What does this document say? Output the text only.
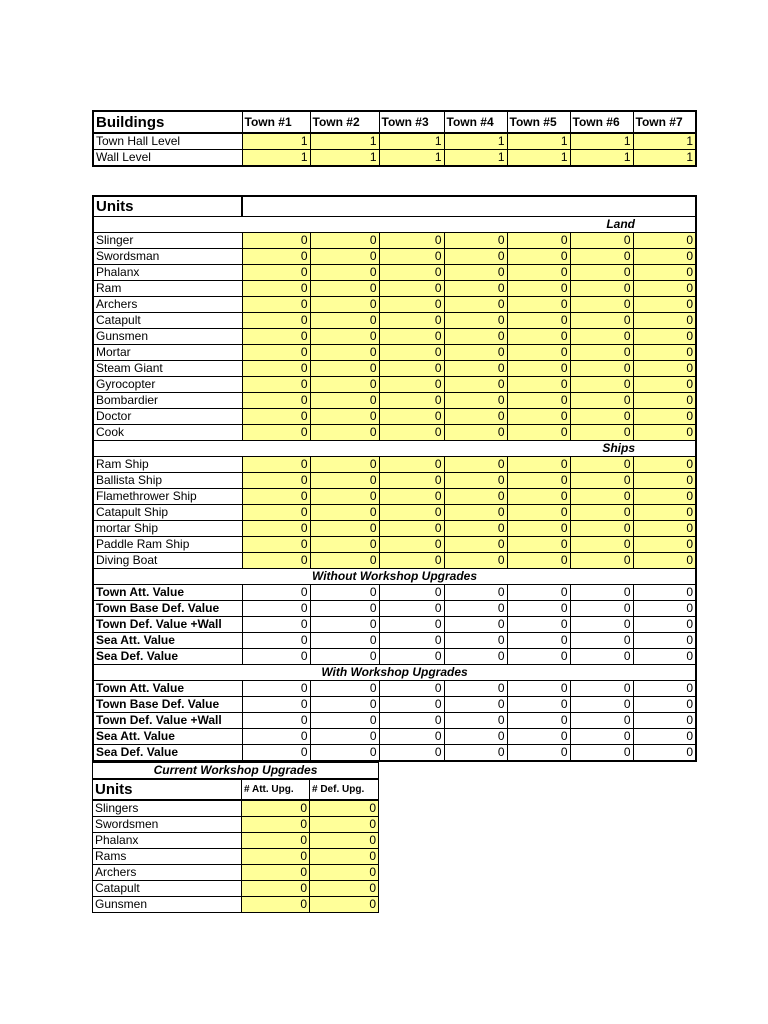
Buildings	Town #1	Town #2	Town #3	Town #4	Town #5	Town #6	Town #7
Town Hall Level	1	1	1	1	1	1	1
Wall Level	1	1	1	1	1	1	1
Units							
Land							
Slinger	0	0	0	0	0	0	0
Swordsman	0	0	0	0	0	0	0
Phalanx	0	0	0	0	0	0	0
Ram	0	0	0	0	0	0	0
Archers	0	0	0	0	0	0	0
Catapult	0	0	0	0	0	0	0
Gunsmen	0	0	0	0	0	0	0
Mortar	0	0	0	0	0	0	0
Steam Giant	0	0	0	0	0	0	0
Gyrocopter	0	0	0	0	0	0	0
Bombardier	0	0	0	0	0	0	0
Doctor	0	0	0	0	0	0	0
Cook	0	0	0	0	0	0	0
Ships							
Ram Ship	0	0	0	0	0	0	0
Ballista Ship	0	0	0	0	0	0	0
Flamethrower Ship	0	0	0	0	0	0	0
Catapult Ship	0	0	0	0	0	0	0
mortar Ship	0	0	0	0	0	0	0
Paddle Ram Ship	0	0	0	0	0	0	0
Diving Boat	0	0	0	0	0	0	0
Without Workshop Upgrades							
Town Att. Value	0	0	0	0	0	0	0
Town Base Def. Value	0	0	0	0	0	0	0
Town Def. Value +Wall	0	0	0	0	0	0	0
Sea Att. Value	0	0	0	0	0	0	0
Sea Def. Value	0	0	0	0	0	0	0
With Workshop Upgrades							
Town Att. Value	0	0	0	0	0	0	0
Town Base Def. Value	0	0	0	0	0	0	0
Town Def. Value +Wall	0	0	0	0	0	0	0
Sea Att. Value	0	0	0	0	0	0	0
Sea Def. Value	0	0	0	0	0	0	0
Current Workshop Upgrades		
Units	# Att. Upg.	# Def. Upg.
Slingers	0	0
Swordsmen	0	0
Phalanx	0	0
Rams	0	0
Archers	0	0
Catapult	0	0
Gunsmen	0	0
